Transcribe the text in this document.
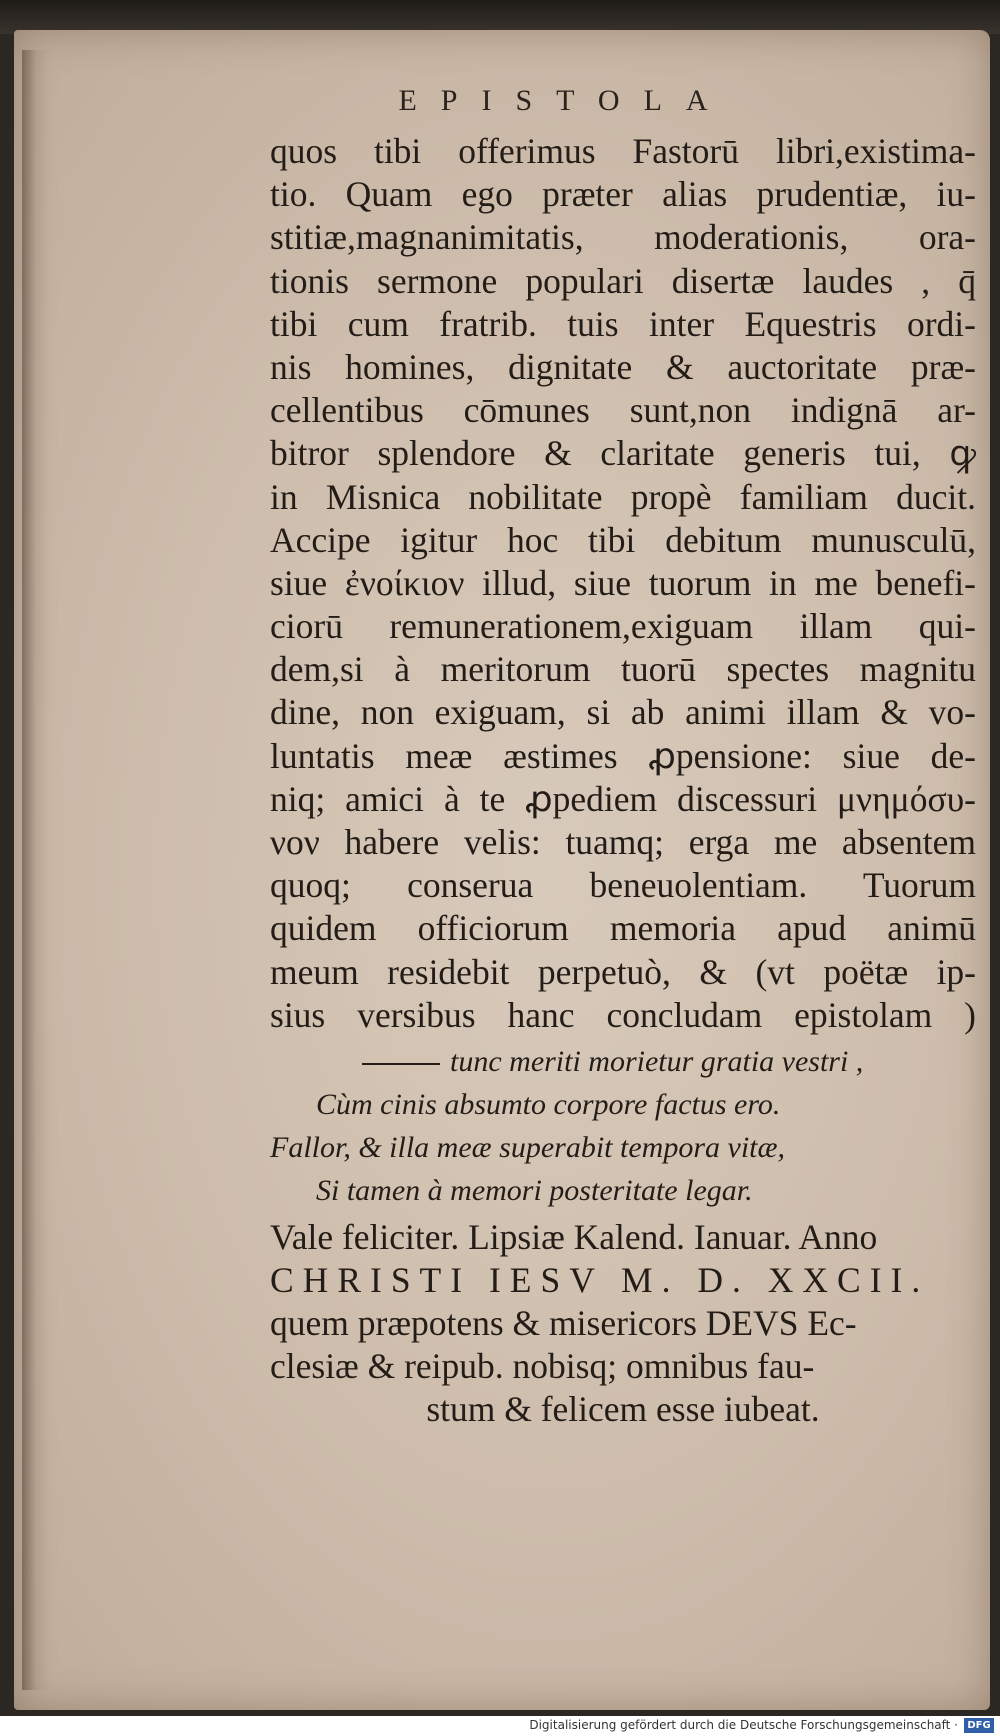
EPISTOLA
quos tibi offerimus Fastorū libri,existima-
tio. Quam ego præter alias prudentiæ, iu-
stitiæ,magnanimitatis, moderationis, ora-
tionis sermone populari disertæ laudes , q̄
tibi cum fratrib. tuis inter Equestris ordi-
nis homines, dignitate & auctoritate præ-
cellentibus cōmunes sunt,non indignā ar-
bitror splendore & claritate generis tui, ꝙ
in Misnica nobilitate propè familiam ducit.
Accipe igitur hoc tibi debitum munusculū,
siue ἐνοίκιον illud, siue tuorum in me benefi-
ciorū remunerationem,exiguam illam qui-
dem,si à meritorum tuorū spectes magnitu
dine, non exiguam, si ab animi illam & vo-
luntatis meæ æstimes ꝓpensione: siue de-
niq; amici à te ꝓpediem discessuri μνημόσυ-
νον habere velis: tuamq; erga me absentem
quoq; conserua beneuolentiam. Tuorum
quidem officiorum memoria apud animū
meum residebit perpetuò, & (vt poëtæ ip-
sius versibus hanc concludam epistolam )
tunc meriti morietur gratia vestri ,
Cùm cinis absumto corpore factus ero.
Fallor, & illa meæ superabit tempora vitæ,
Si tamen à memori posteritate legar.
Vale feliciter. Lipsiæ Kalend. Ianuar. Anno
CHRISTI IESV M. D. XXCII.
quem præpotens & misericors DEVS Ec-
clesiæ & reipub. nobisq; omnibus fau-
stum & felicem esse iubeat.
Digitalisierung gefördert durch die Deutsche Forschungsgemeinschaft · DFG
